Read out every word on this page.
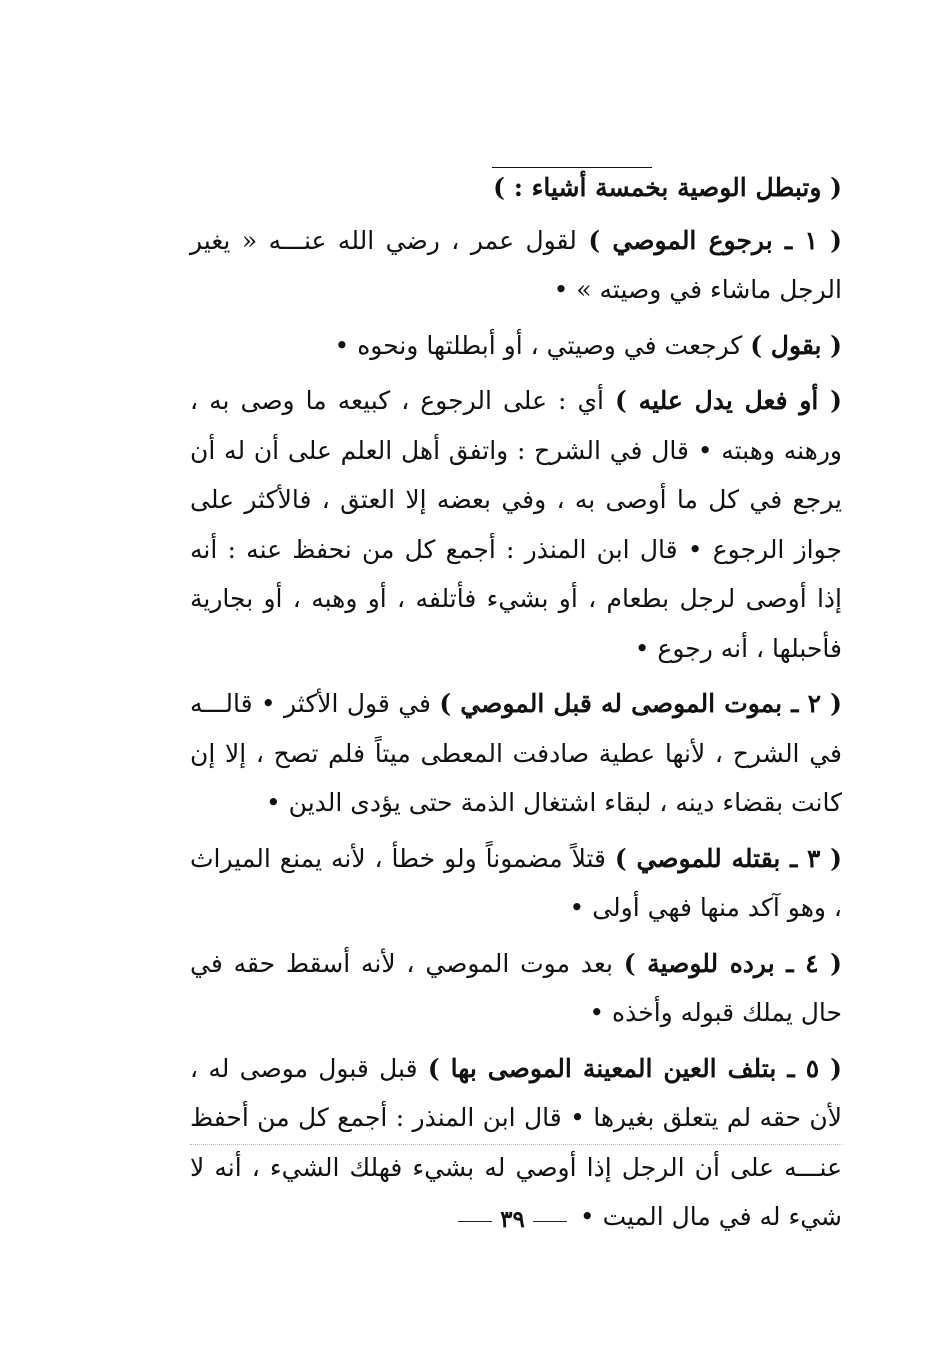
( وتبطل الوصية بخمسة أشياء : )

( ١ ـ برجوع الموصي ) لقول عمر ، رضي الله عنـــه « يغير الرجل ماشاء في وصيته » •

( بقول ) كرجعت في وصيتي ، أو أبطلتها ونحوه •

( أو فعل يدل عليه ) أي : على الرجوع ، كبيعه ما وصى به ، ورهنه وهبته • قال في الشرح : واتفق أهل العلم على أن له أن يرجع في كل ما أوصى به ، وفي بعضه إلا العتق ، فالأكثر على جواز الرجوع • قال ابن المنذر : أجمع كل من نحفظ عنه : أنه إذا أوصى لرجل بطعام ، أو بشيء فأتلفه ، أو وهبه ، أو بجارية فأحبلها ، أنه رجوع •

( ٢ ـ بموت الموصى له قبل الموصي ) في قول الأكثر • قالـــه في الشرح ، لأنها عطية صادفت المعطى ميتاً فلم تصح ، إلا إن كانت بقضاء دينه ، لبقاء اشتغال الذمة حتى يؤدى الدين •

( ٣ ـ بقتله للموصي ) قتلاً مضموناً ولو خطأ ، لأنه يمنع الميراث ، وهو آكد منها فهي أولى •

( ٤ ـ برده للوصية ) بعد موت الموصي ، لأنه أسقط حقه في حال يملك قبوله وأخذه •

( ٥ ـ بتلف العين المعينة الموصى بها ) قبل قبول موصى له ، لأن حقه لم يتعلق بغيرها • قال ابن المنذر : أجمع كل من أحفظ عنـــه على أن الرجل إذا أوصي له بشيء فهلك الشيء ، أنه لا شيء له في مال الميت •

٣٩
